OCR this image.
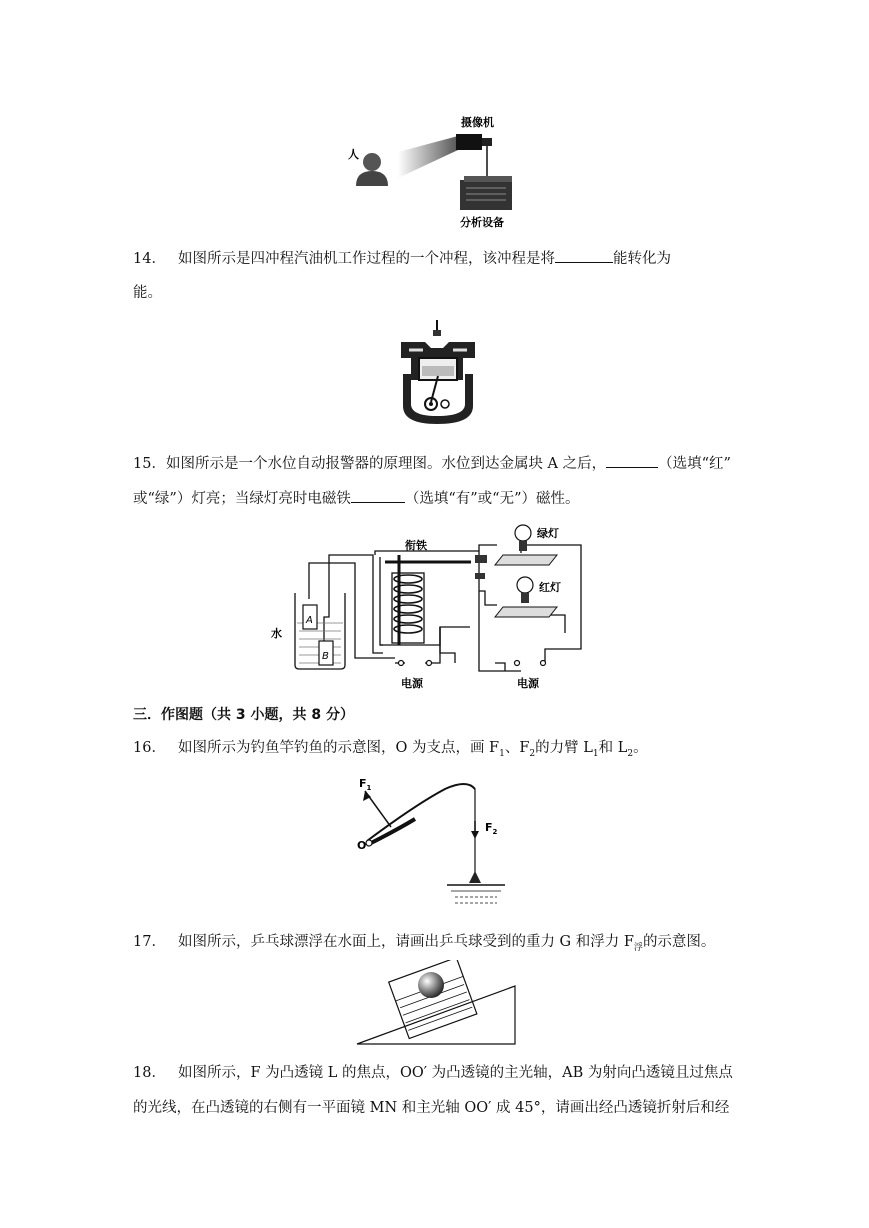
摄像机
人
分析设备
14． 如图所示是四冲程汽油机工作过程的一个冲程，该冲程是将	能转化为
能。
15．如图所示是一个水位自动报警器的原理图。水位到达金属块 A 之后，	（选填“红”
或“绿”）灯亮；当绿灯亮时电磁铁	（选填“有”或“无”）磁性。
A
B
水
衔铁
绿灯
红灯
电源	电源
三．作图题（共 3 小题，共 8 分）
16． 如图所示为钓鱼竿钓鱼的示意图，O 为支点，画 $F_1$、$F_2$的力臂 $L_1$和 $L_2$。
$F_1$
O
$F_2$
17． 如图所示，乒乓球漂浮在水面上，请画出乒乓球受到的重力 G 和浮力 $F_浮$的示意图。
18． 如图所示，F 为凸透镜 L 的焦点，OO′ 为凸透镜的主光轴，AB 为射向凸透镜且过焦点
的光线，在凸透镜的右侧有一平面镜 MN 和主光轴 OO′ 成 45°，请画出经凸透镜折射后和经
